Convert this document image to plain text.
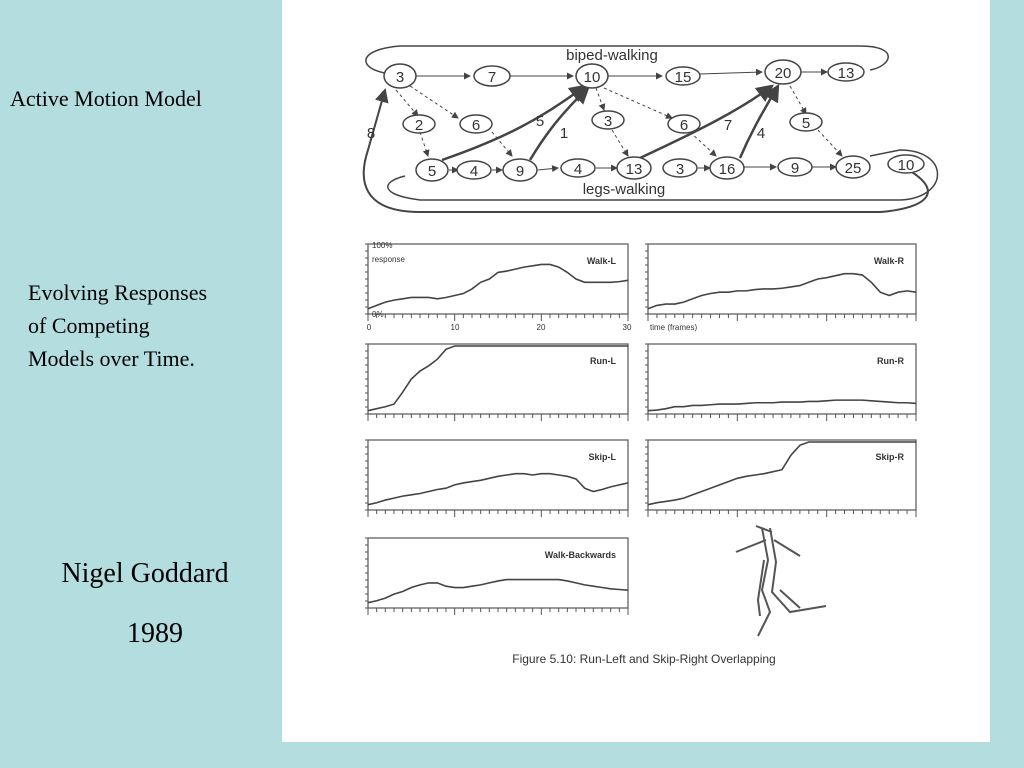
Active Motion Model
Evolving Responses
of Competing
Models over Time.
Nigel Goddard
1989
3	7	10	15	20	13
2	6	3	6	5
5 4	9	4	13 3 16	9	25 10
8
5
1	7 4
biped-walking
legs-walking
Walk-L	Walk-R
Run-L	Run-R
Skip-L	Skip-R
Walk-Backwards
100%
response
0%
0	10	20	30 time (frames)
Figure 5.10: Run-Left and Skip-Right Overlapping
